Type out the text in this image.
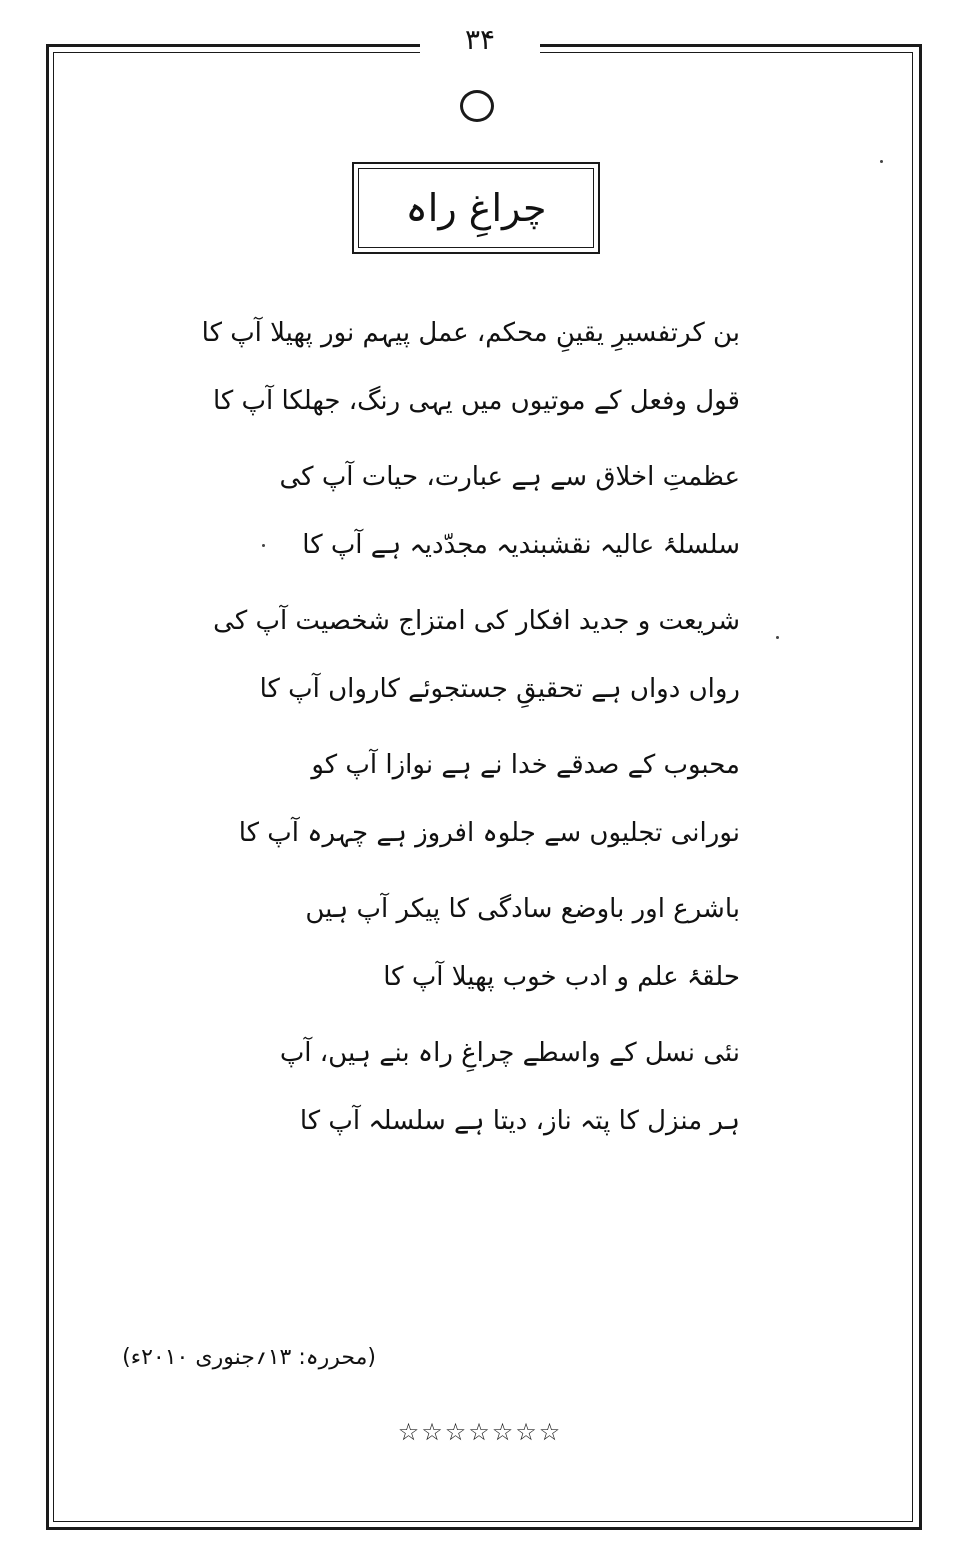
۳۴
چراغِ راہ
بن کرتفسیرِ یقینِ محکم، عمل پیہم نور پھیلا آپ کا
قول وفعل کے موتیوں میں یہی رنگ، جھلکا آپ کا
عظمتِ اخلاق سے ہے عبارت، حیات آپ کی
سلسلۂ عالیہ نقشبندیہ مجدّدیہ ہے آپ کا
شریعت و جدید افکار کی امتزاج شخصیت آپ کی
رواں دواں ہے تحقیقِ جستجوئے کارواں آپ کا
محبوب کے صدقے خدا نے ہے نوازا آپ کو
نورانی تجلیوں سے جلوہ افروز ہے چہرہ آپ کا
باشرع اور باوضع سادگی کا پیکر آپ ہیں
حلقۂ علم و ادب خوب پھیلا آپ کا
نئی نسل کے واسطے چراغِ راہ بنے ہیں، آپ
ہر منزل کا پتہ ناز، دیتا ہے سلسلہ آپ کا
(محررہ: ۱۳؍جنوری ۲۰۱۰ء)
☆☆☆☆☆☆☆
